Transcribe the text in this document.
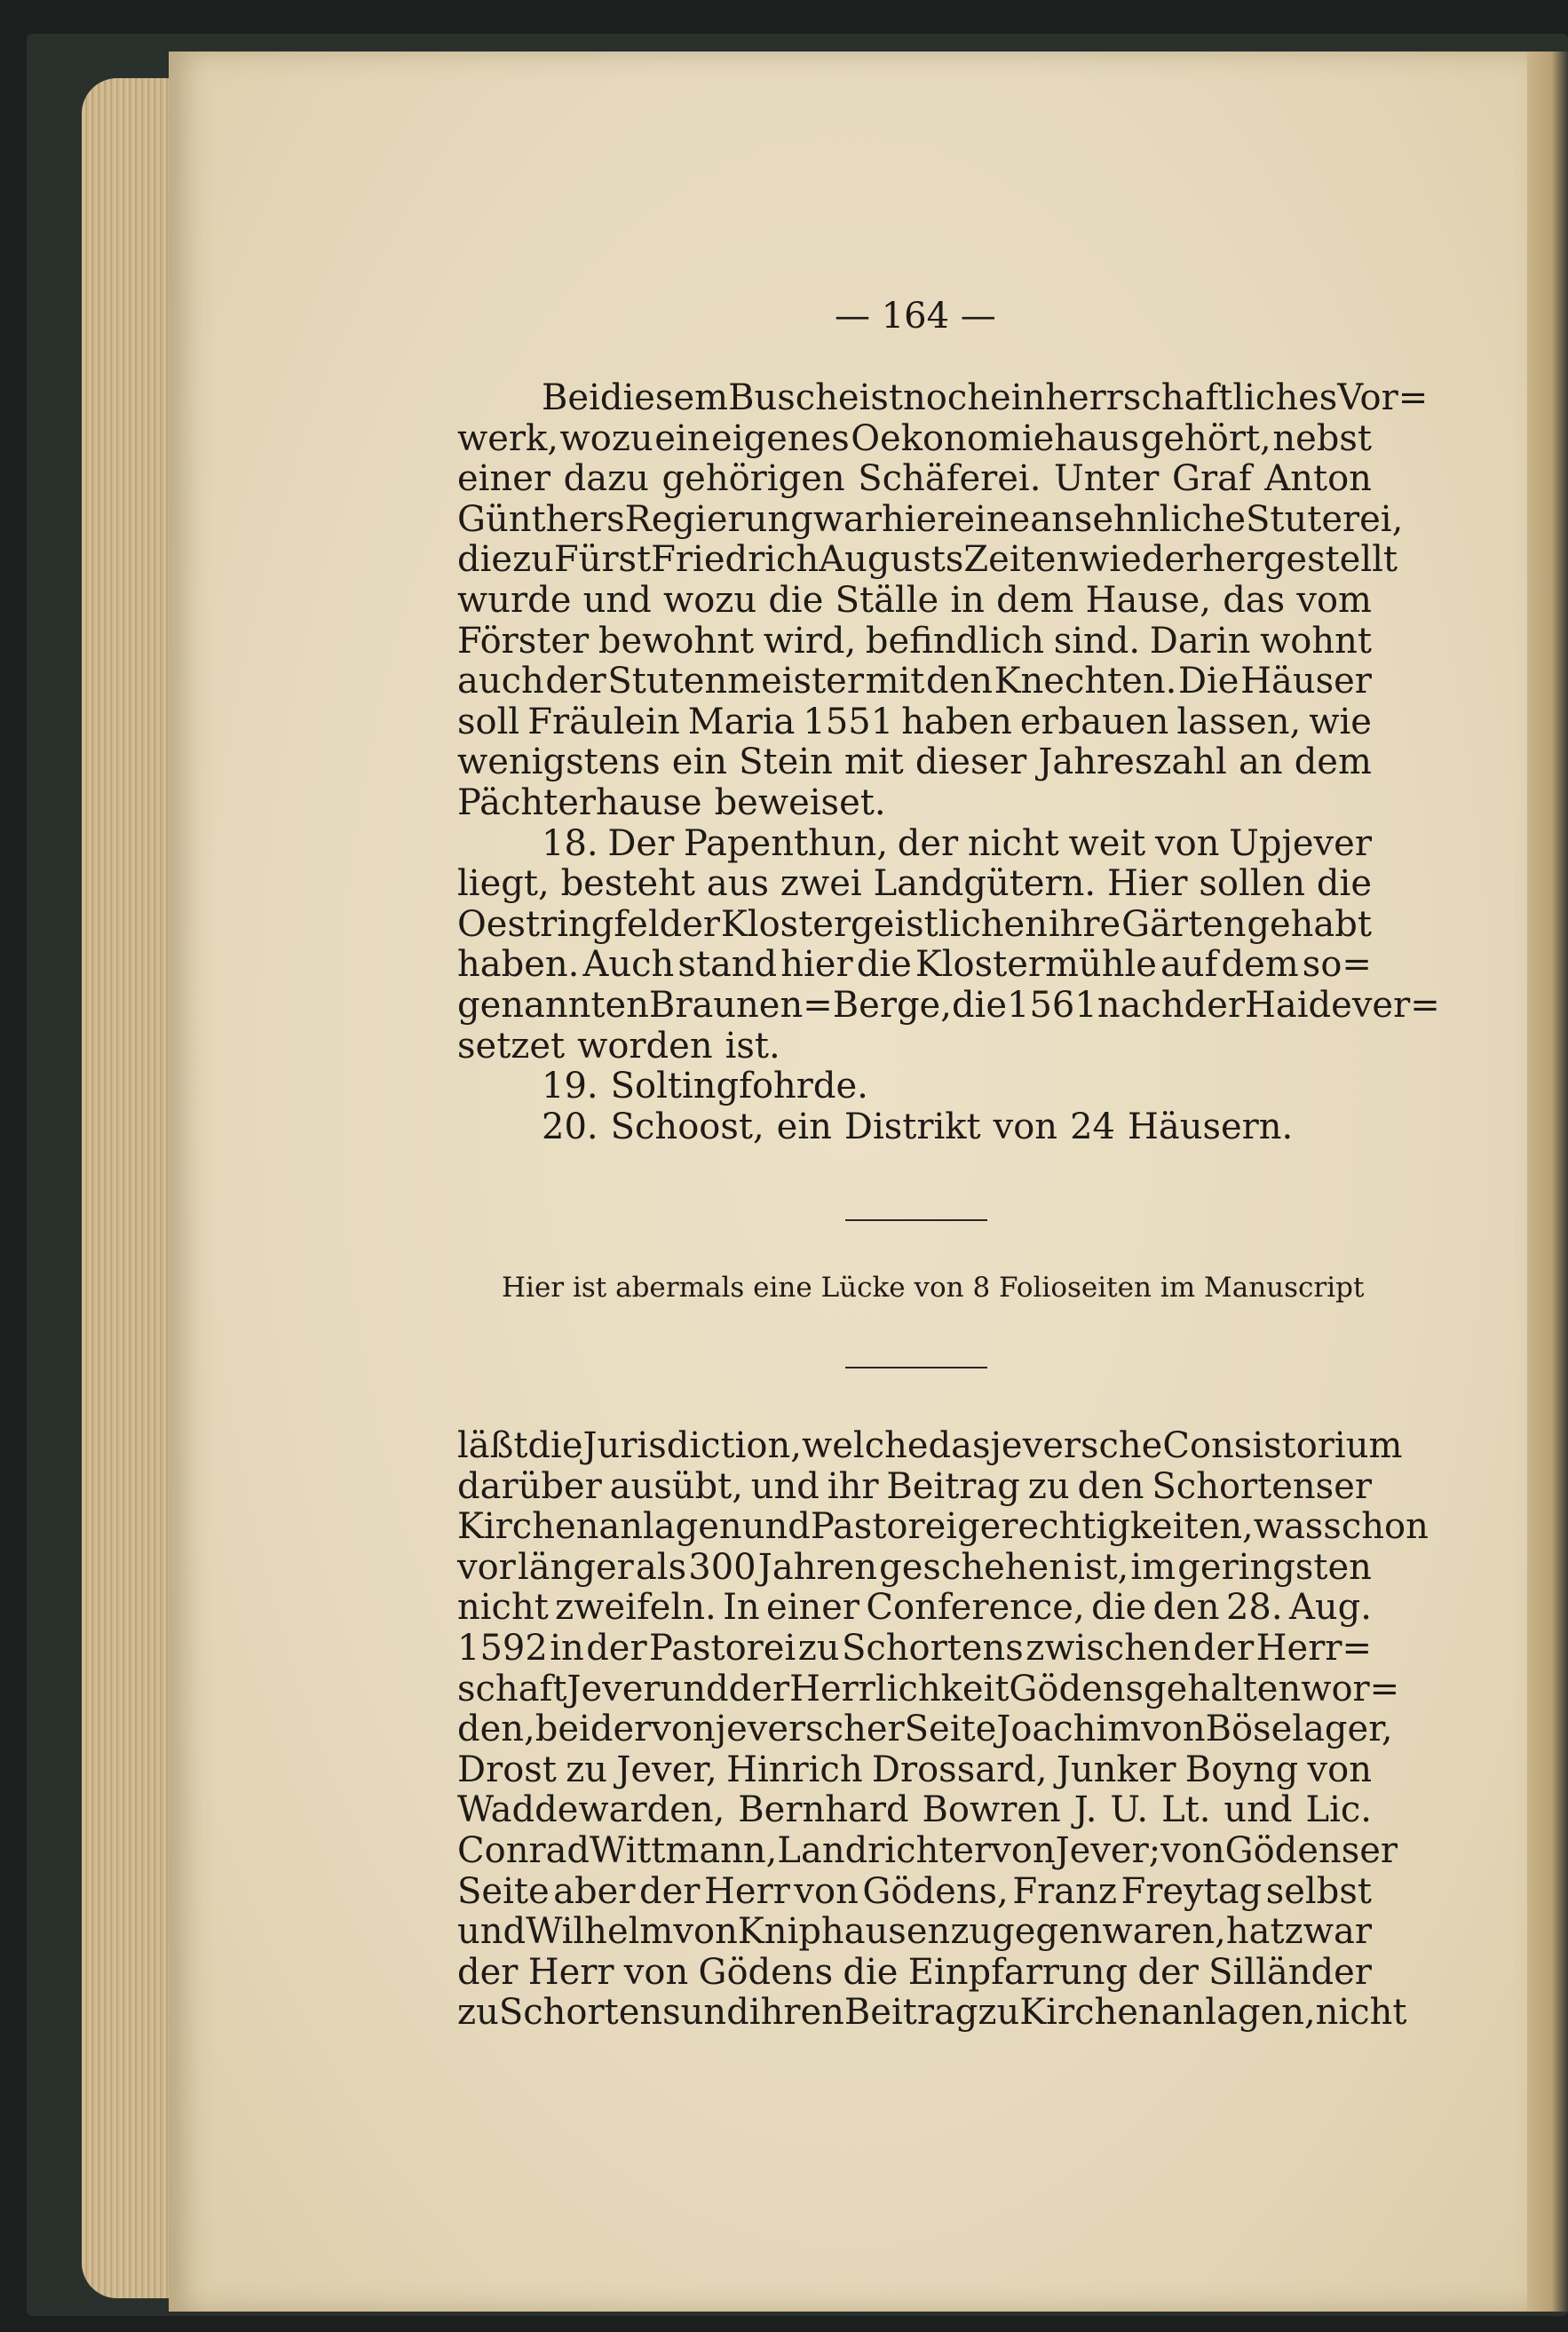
— 164 —
Bei diesem Busche ist noch ein herrschaftliches Vor=
werk, wozu ein eigenes Oekonomiehaus gehört, nebst
einer dazu gehörigen Schäferei. Unter Graf Anton
Günthers Regierung war hier eine ansehnliche Stuterei,
die zu Fürst Friedrich Augusts Zeiten wieder hergestellt
wurde und wozu die Ställe in dem Hause, das vom
Förster bewohnt wird, befindlich sind. Darin wohnt
auch der Stutenmeister mit den Knechten. Die Häuser
soll Fräulein Maria 1551 haben erbauen lassen, wie
wenigstens ein Stein mit dieser Jahreszahl an dem
Pächterhause beweiset.
18. Der Papenthun, der nicht weit von Upjever
liegt, besteht aus zwei Landgütern. Hier sollen die
Oestringfelder Klostergeistlichen ihre Gärten gehabt
haben. Auch stand hier die Klostermühle auf dem so=
genannten Braunen=Berge, die 1561 nach der Haide ver=
setzet worden ist.
19. Soltingfohrde.
20. Schoost, ein Distrikt von 24 Häusern.
Hier ist abermals eine Lücke von 8 Folioseiten im Manuscript
läßt die Jurisdiction, welche das jeversche Consistorium
darüber ausübt, und ihr Beitrag zu den Schortenser
Kirchenanlagen und Pastoreigerechtigkeiten, was schon
vor länger als 300 Jahren geschehen ist, im geringsten
nicht zweifeln. In einer Conference, die den 28. Aug.
1592 in der Pastorei zu Schortens zwischen der Herr=
schaft Jever und der Herrlichkeit Gödens gehalten wor=
den, bei der von jeverscher Seite Joachim von Böselager,
Drost zu Jever, Hinrich Drossard, Junker Boyng von
Waddewarden, Bernhard Bowren J. U. Lt. und Lic.
Conrad Wittmann, Landrichter von Jever; von Gödenser
Seite aber der Herr von Gödens, Franz Freytag selbst
und Wilhelm von Kniphausen zugegen waren, hat zwar
der Herr von Gödens die Einpfarrung der Silländer
zu Schortens und ihren Beitrag zu Kirchenanlagen, nicht
